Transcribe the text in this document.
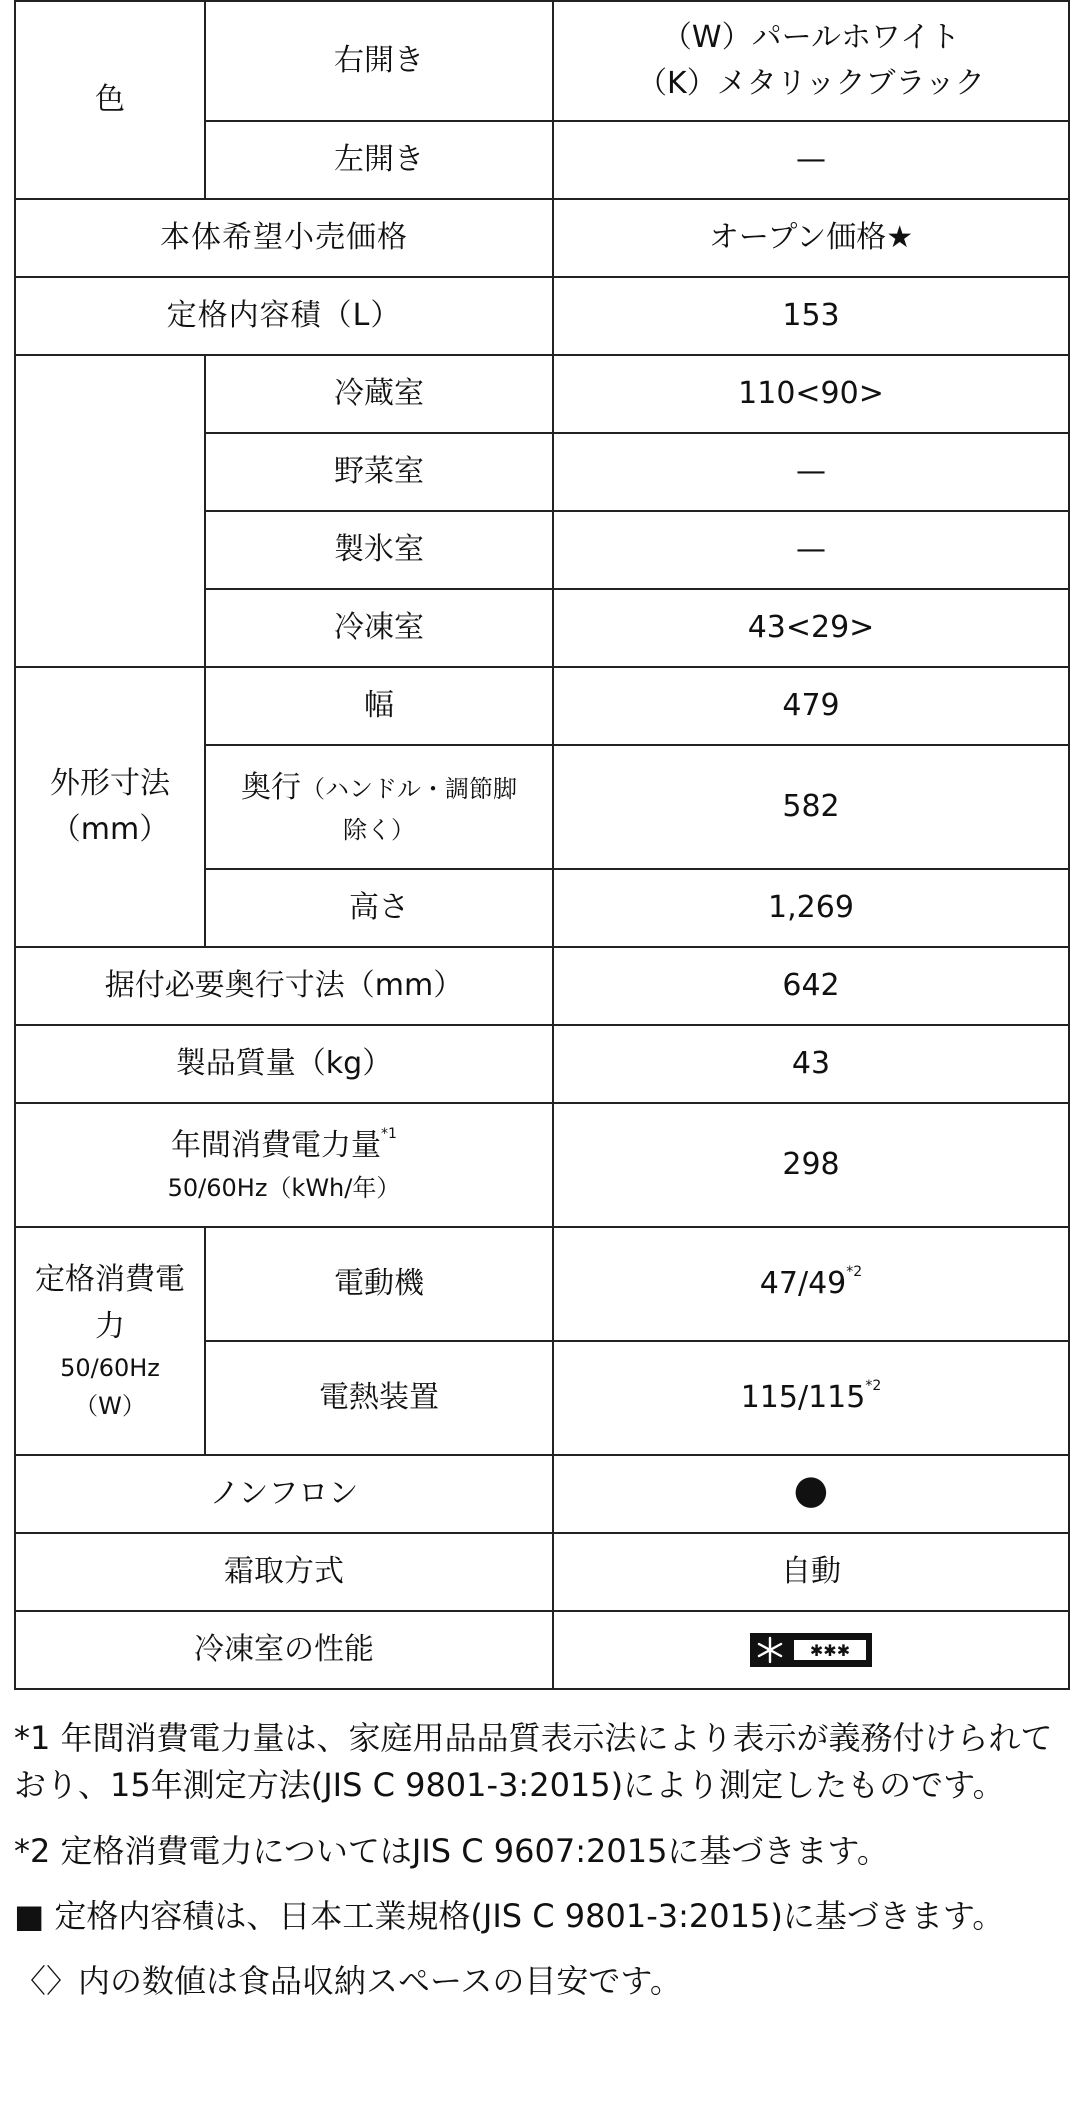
色	右開き	（W）パールホワイト
（K）メタリックブラック

	左開き	—
本体希望小売価格		オープン価格★
定格内容積（L）		153
	冷蔵室	110<90>
	野菜室	—
	製氷室	—
	冷凍室	43<29>

外形寸法
（mm）	幅	479

	奥行（ハンドル・調節脚
除く）	582
	高さ	1,269
据付必要奥行寸法（mm）		642
製品質量（kg）		43

年間消費電力量$^{*1}$
50/60Hz（kWh/年）		298

定格消費電
力
50/60Hz
（W）	電動機	47/49$^{*2}$
	電熱装置	115/115$^{*2}$
ノンフロン		●
霜取方式		自動
冷凍室の性能		✱✱✱

*1 年間消費電力量は、家庭用品品質表示法により表示が義務付けられており、15年測定方法(JIS C 9801-3:2015)により測定したものです。

*2 定格消費電力についてはJIS C 9607:2015に基づきます。

■ 定格内容積は、日本工業規格(JIS C 9801-3:2015)に基づきます。

〈〉内の数値は食品収納スペースの目安です。
